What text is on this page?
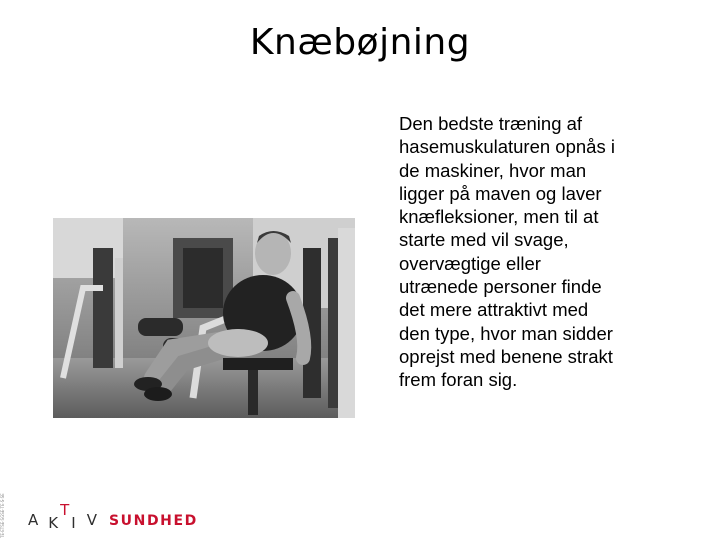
Knæbøjning
Den bedste træning af
hasemuskulaturen opnås i
de maskiner, hvor man
ligger på maven og laver
knæfleksioner, men til at
starte med vil svage,
overvægtige eller
utrænede personer finde
det mere attraktivt med
den type, hvor man sidder
oprejst med benene strakt
frem foran sig.
TE·ETSE·SGSE·TE·S·SE	A K
T
I V SUNDHED
